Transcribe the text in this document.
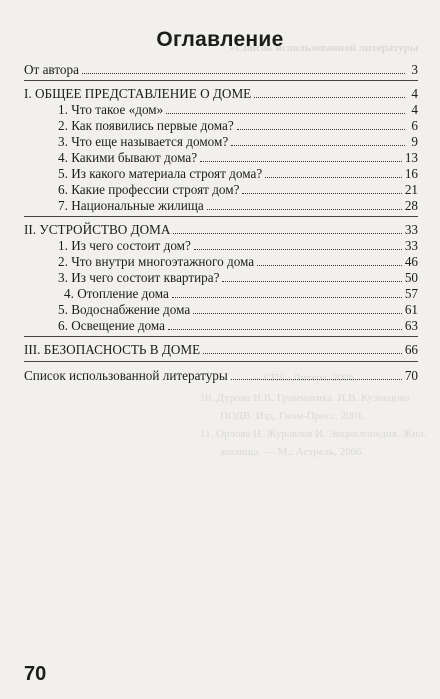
«Список использованной литературы
— СПб.: Литера, 2006.
10. Дурова Н.В. Грамматика. И.В. Кузнецова
ПОДВ. Изд. Гном-Пресс, 2001.
11. Орлова Н. Журавлев И. Энциклопедия. Жил.
жилища. — М.: Астрель, 2006.
Оглавление
От автора	3
I. ОБЩЕЕ ПРЕДСТАВЛЕНИЕ О ДОМЕ	4
1. Что такое «дом»	4
2. Как появились первые дома?	6
3. Что еще называется домом?	9
4. Какими бывают дома?	13
5. Из какого материала строят дома?	16
6. Какие профессии строят дом?	21
7. Национальные жилища	28
II. УСТРОЙСТВО ДОМА	33
1. Из чего состоит дом?	33
2. Что внутри многоэтажного дома	46
3. Из чего состоит квартира?	50
4. Отопление дома	57
5. Водоснабжение дома	61
6. Освещение дома	63
III. БЕЗОПАСНОСТЬ В ДОМЕ	66
Список использованной литературы	70
70
